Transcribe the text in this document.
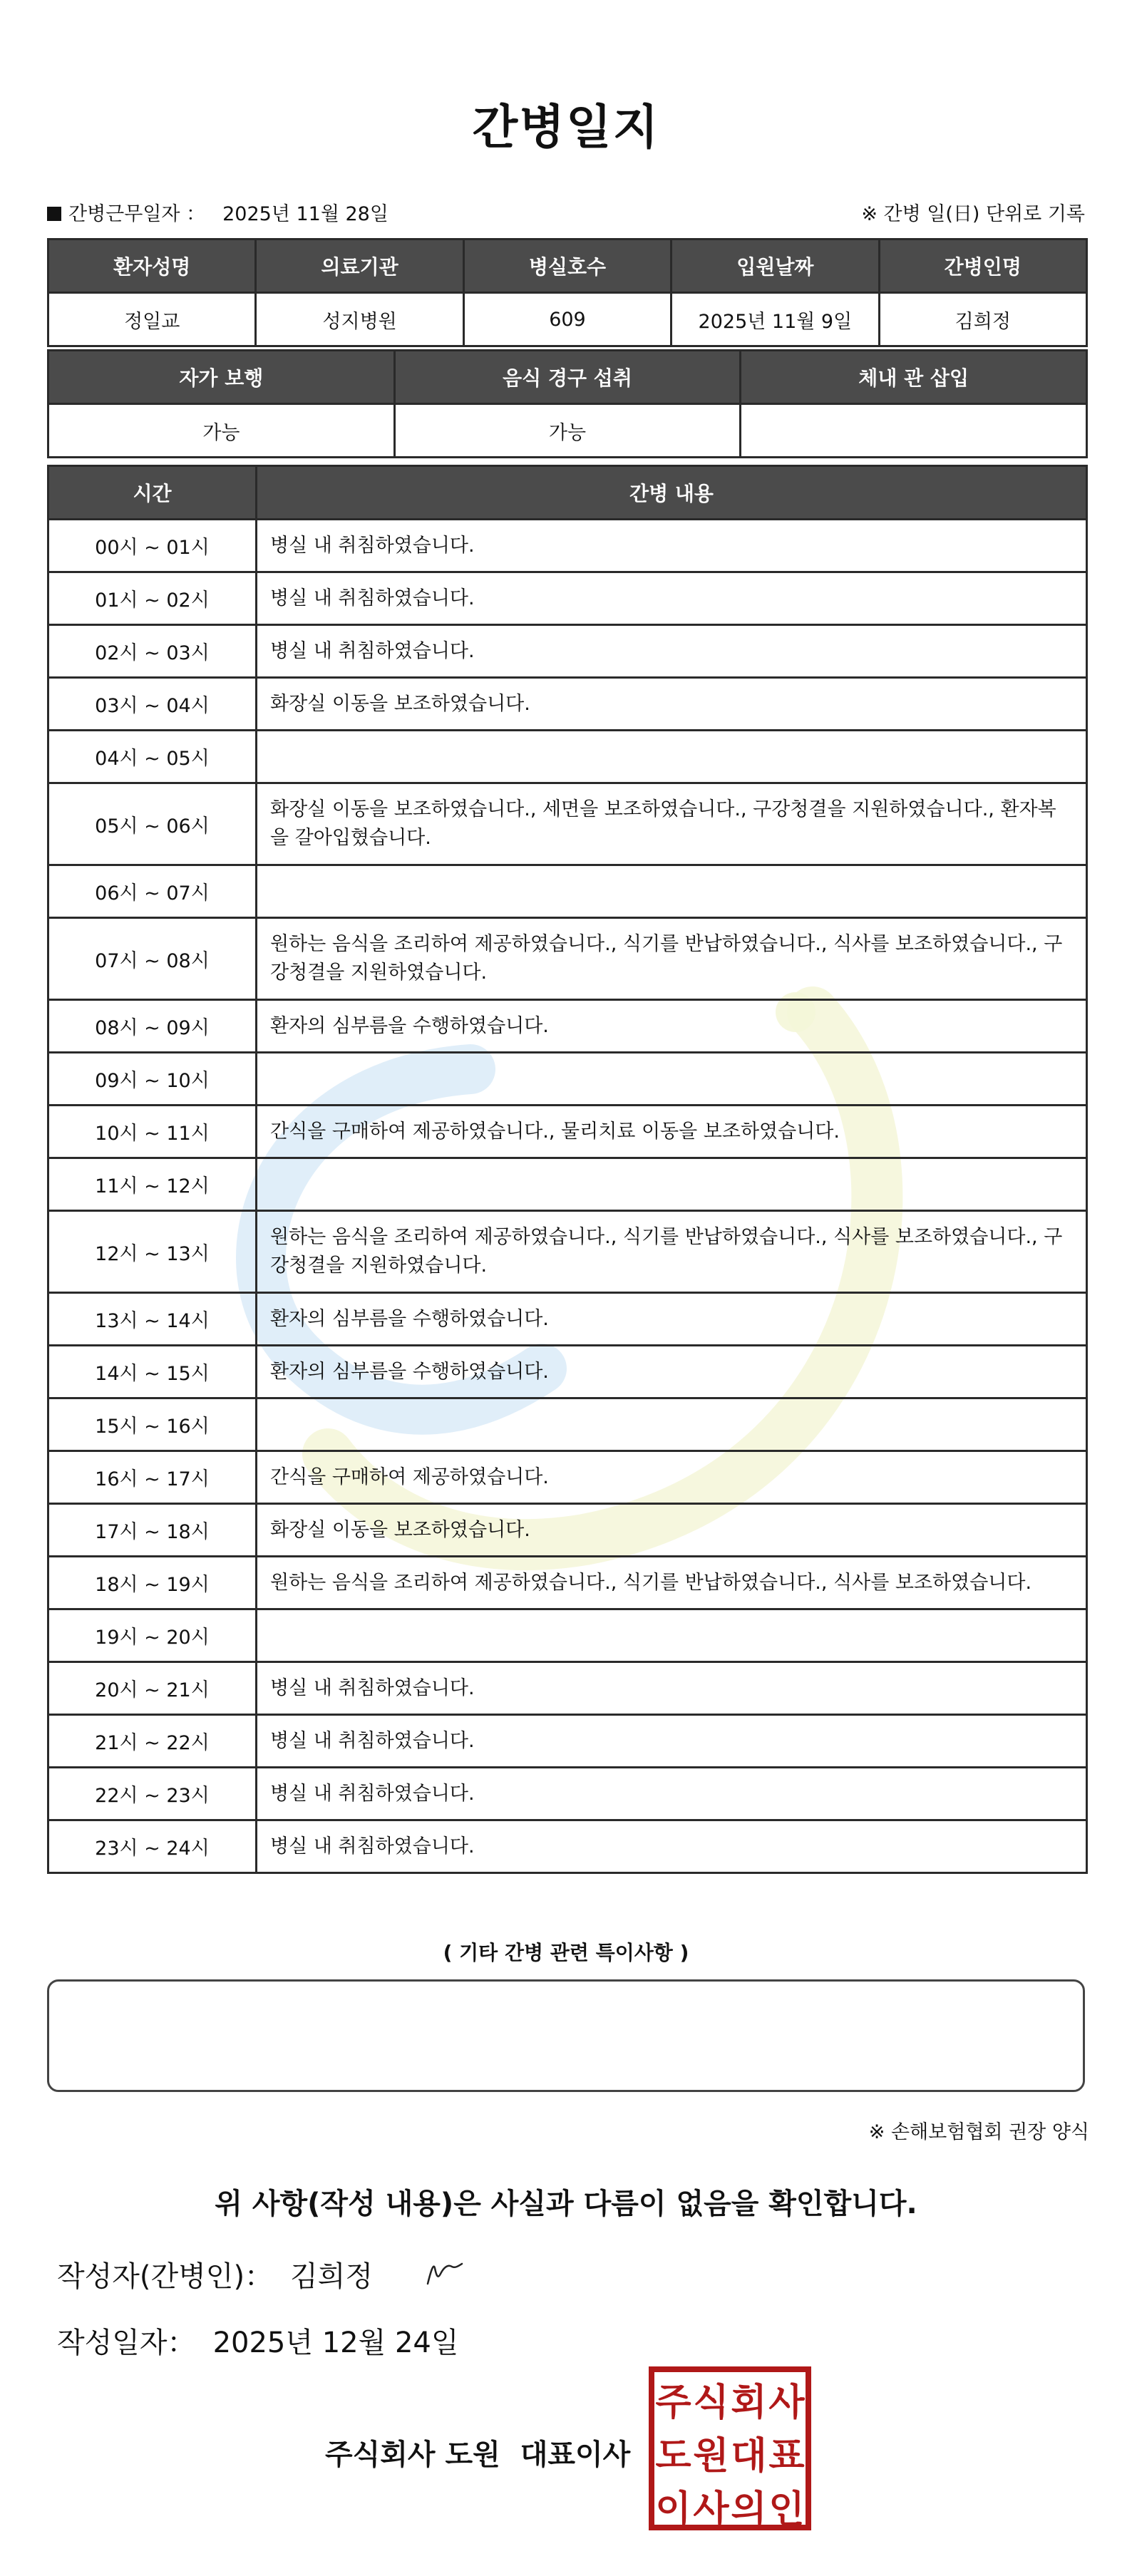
간병일지
간병근무일자 ： 2025년 11월 28일	※ 간병 일(日) 단위로 기록
환자성명	의료기관	병실호수	입원날짜	간병인명
정일교	성지병원	609	2025년 11월 9일	김희정
자가 보행	음식 경구 섭취	체내 관 삽입
가능	가능	
시간	간병 내용
00시 ~ 01시	병실 내 취침하였습니다.
01시 ~ 02시	병실 내 취침하였습니다.
02시 ~ 03시	병실 내 취침하였습니다.
03시 ~ 04시	화장실 이동을 보조하였습니다.
04시 ~ 05시	
05시 ~ 06시	화장실 이동을 보조하였습니다., 세면을 보조하였습니다., 구강청결을 지원하였습니다., 환자복을 갈아입혔습니다.
06시 ~ 07시	
07시 ~ 08시	원하는 음식을 조리하여 제공하였습니다., 식기를 반납하였습니다., 식사를 보조하였습니다., 구강청결을 지원하였습니다.
08시 ~ 09시	환자의 심부름을 수행하였습니다.
09시 ~ 10시	
10시 ~ 11시	간식을 구매하여 제공하였습니다., 물리치료 이동을 보조하였습니다.
11시 ~ 12시	
12시 ~ 13시	원하는 음식을 조리하여 제공하였습니다., 식기를 반납하였습니다., 식사를 보조하였습니다., 구강청결을 지원하였습니다.
13시 ~ 14시	환자의 심부름을 수행하였습니다.
14시 ~ 15시	환자의 심부름을 수행하였습니다.
15시 ~ 16시	
16시 ~ 17시	간식을 구매하여 제공하였습니다.
17시 ~ 18시	화장실 이동을 보조하였습니다.
18시 ~ 19시	원하는 음식을 조리하여 제공하였습니다., 식기를 반납하였습니다., 식사를 보조하였습니다.
19시 ~ 20시	
20시 ~ 21시	병실 내 취침하였습니다.
21시 ~ 22시	병실 내 취침하였습니다.
22시 ~ 23시	병실 내 취침하였습니다.
23시 ~ 24시	병실 내 취침하였습니다.
( 기타 간병 관련 특이사항 )
※ 손해보험협회 권장 양식
위 사항(작성 내용)은 사실과 다름이 없음을 확인합니다.
작성자(간병인)： 김희정
작성일자： 2025년 12월 24일
주식회사 도원 대표이사
주 식 회 사
도 원 대 표
이 사 의 인
